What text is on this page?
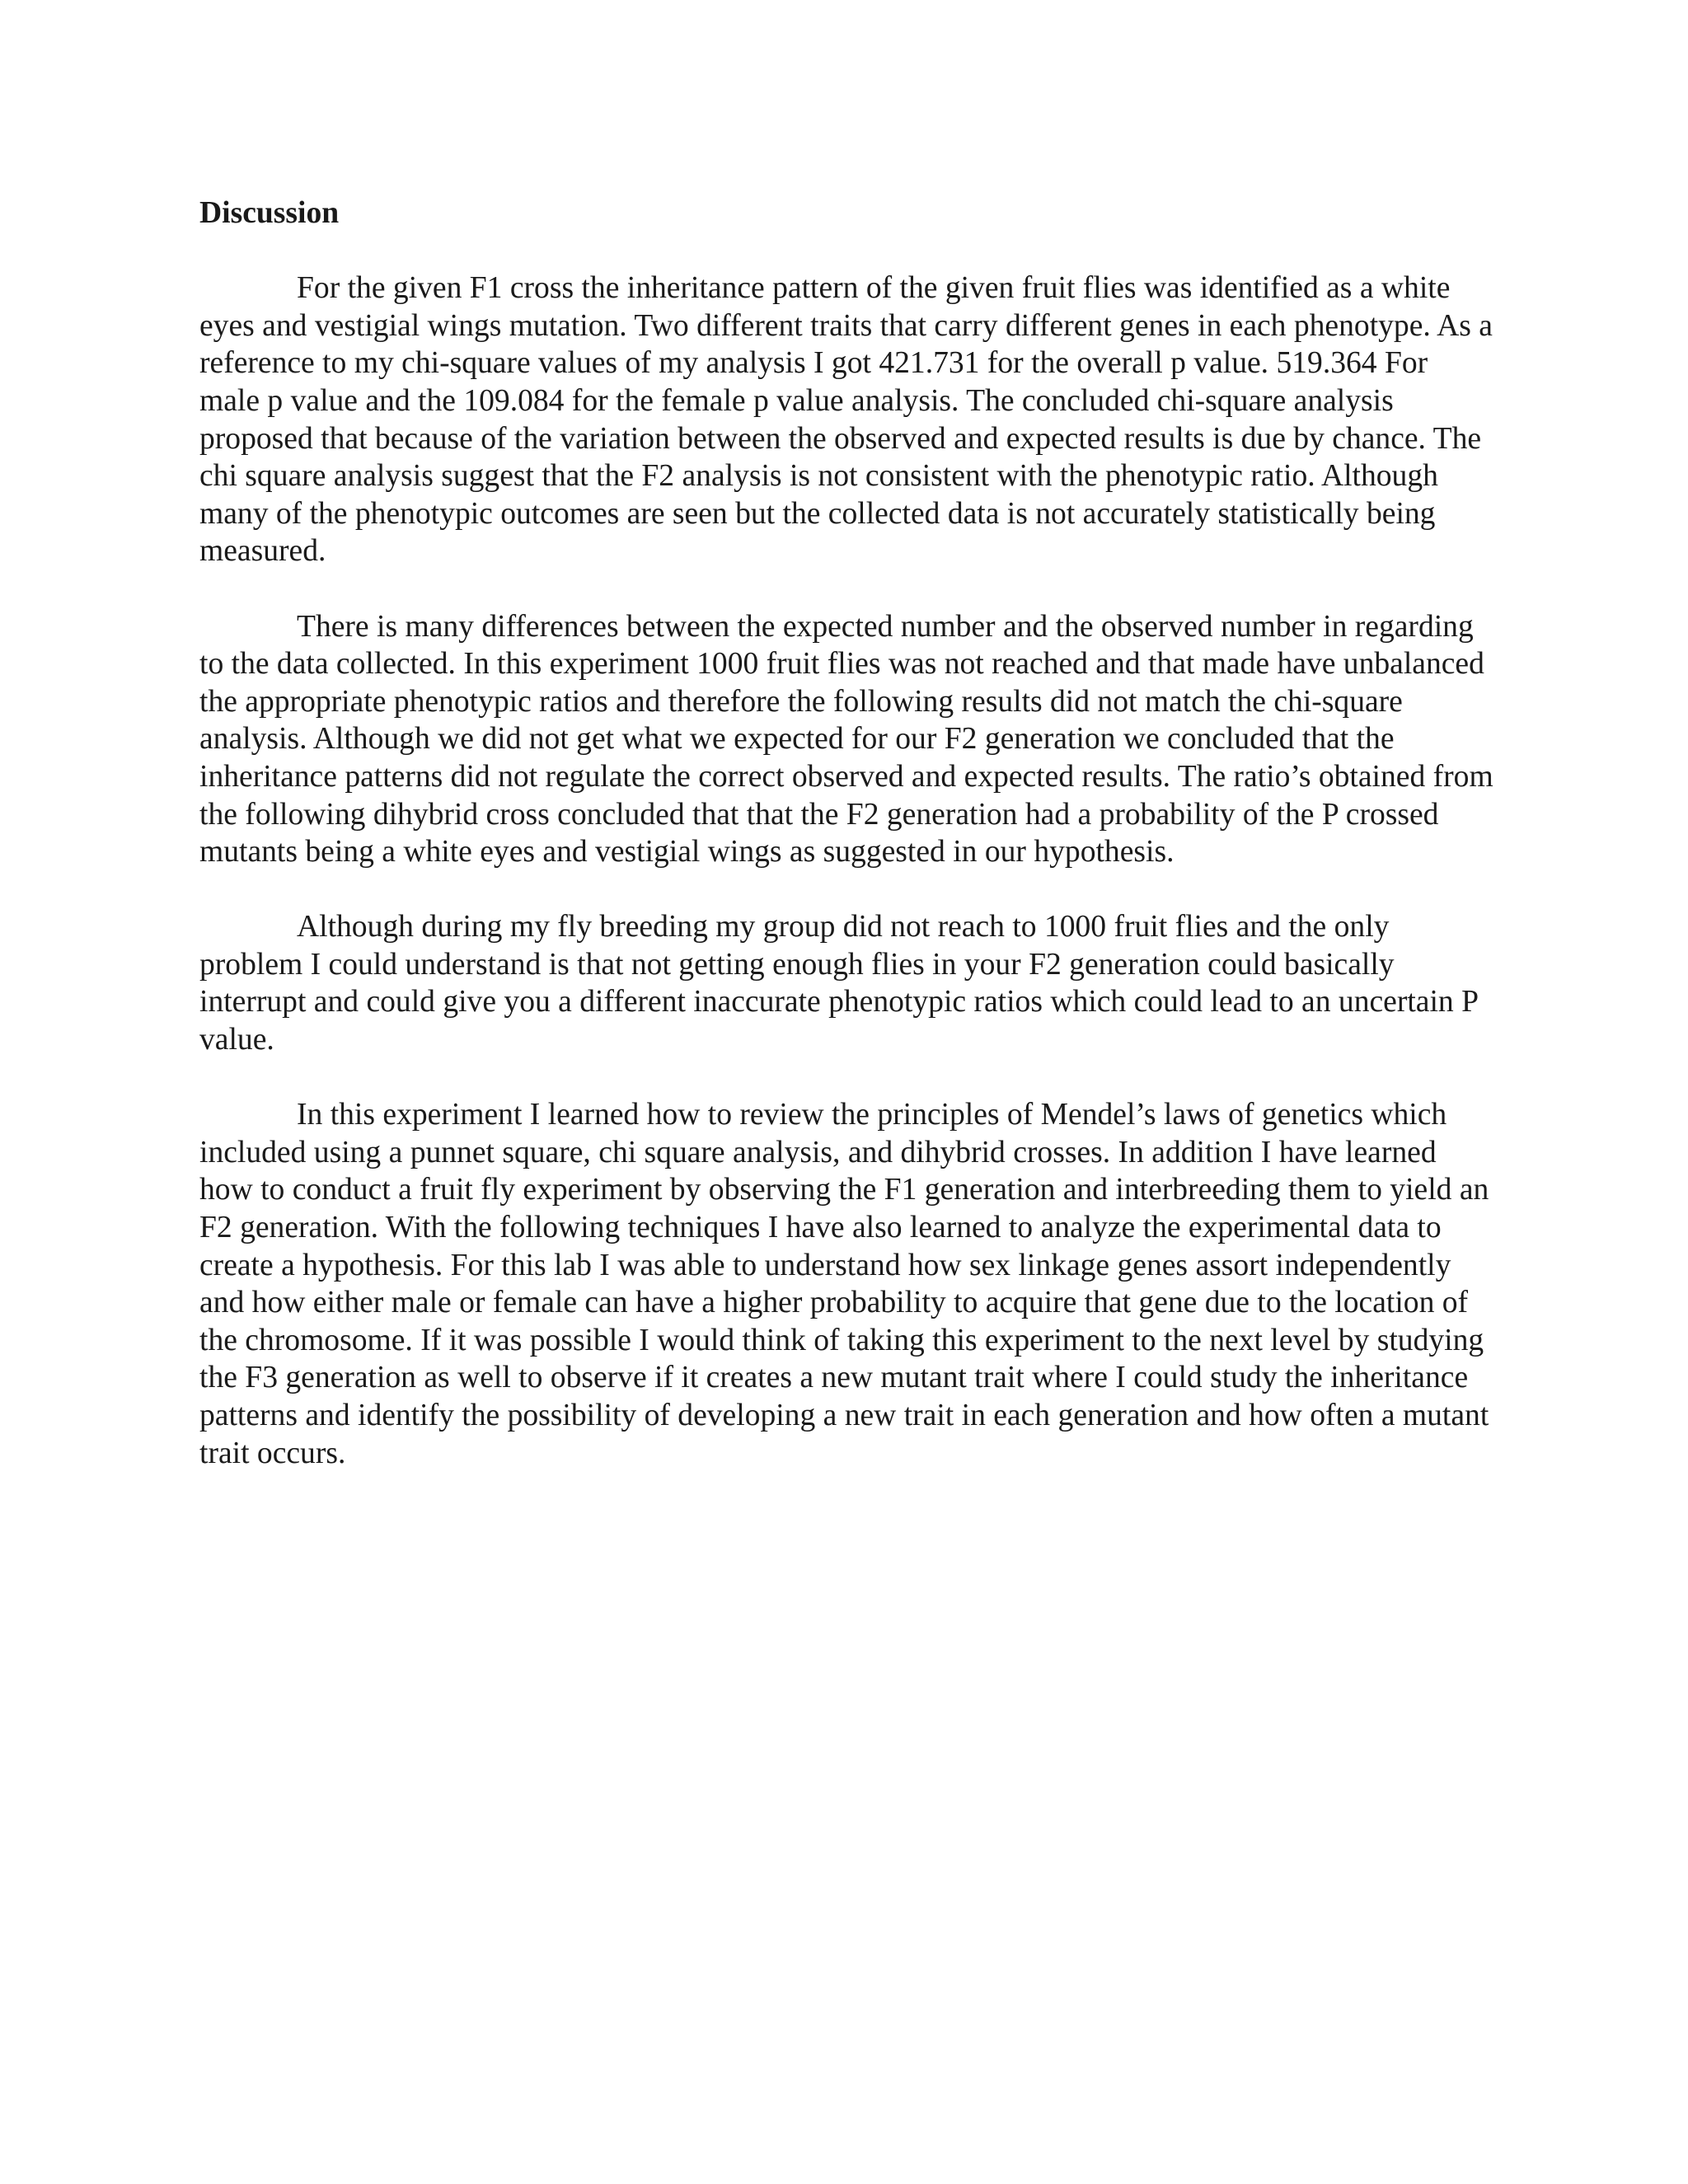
Discussion

For the given F1 cross the inheritance pattern of the given fruit flies was identified as a white eyes and vestigial wings mutation. Two different traits that carry different genes in each phenotype. As a reference to my chi-square values of my analysis I got 421.731 for the overall p value. 519.364 For male p value and the 109.084 for the female p value analysis. The concluded chi-square analysis proposed that because of the variation between the observed and expected results is due by chance. The chi square analysis suggest that the F2 analysis is not consistent with the phenotypic ratio. Although many of the phenotypic outcomes are seen but the collected data is not accurately statistically being measured.

There is many differences between the expected number and the observed number in regarding to the data collected. In this experiment 1000 fruit flies was not reached and that made have unbalanced the appropriate phenotypic ratios and therefore the following results did not match the chi-square analysis. Although we did not get what we expected for our F2 generation we concluded that the inheritance patterns did not regulate the correct observed and expected results. The ratio’s obtained from the following dihybrid cross concluded that that the F2 generation had a probability of the P crossed mutants being a white eyes and vestigial wings as suggested in our hypothesis.

Although during my fly breeding my group did not reach to 1000 fruit flies and the only problem I could understand is that not getting enough flies in your F2 generation could basically interrupt and could give you a different inaccurate phenotypic ratios which could lead to an uncertain P value.

In this experiment I learned how to review the principles of Mendel’s laws of genetics which included using a punnet square, chi square analysis, and dihybrid crosses. In addition I have learned how to conduct a fruit fly experiment by observing the F1 generation and interbreeding them to yield an F2 generation. With the following techniques I have also learned to analyze the experimental data to create a hypothesis. For this lab I was able to understand how sex linkage genes assort independently and how either male or female can have a higher probability to acquire that gene due to the location of the chromosome. If it was possible I would think of taking this experiment to the next level by studying the F3 generation as well to observe if it creates a new mutant trait where I could study the inheritance patterns and identify the possibility of developing a new trait in each generation and how often a mutant trait occurs.
